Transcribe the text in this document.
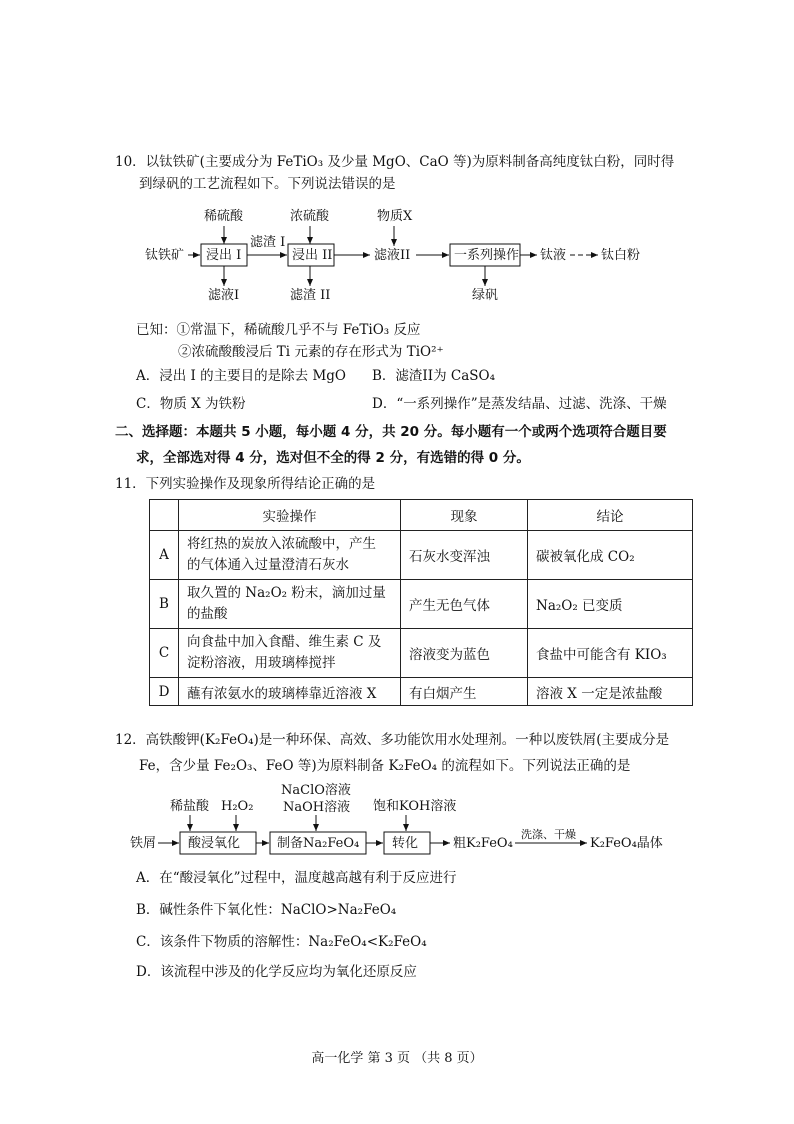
10．以钛铁矿(主要成分为 FeTiO₃ 及少量 MgO、CaO 等)为原料制备高纯度钛白粉，同时得
到绿矾的工艺流程如下。下列说法错误的是
稀硫酸	浓硫酸	物质X
钛铁矿 浸出 I
滤渣 I
浸出 II	滤液II	一系列操作 钛液	钛白粉
滤液I	滤渣 II	绿矾
已知：①常温下，稀硫酸几乎不与 FeTiO₃ 反应
②浓硫酸酸浸后 Ti 元素的存在形式为 TiO²⁺
A．浸出 I 的主要目的是除去 MgO B．滤渣II为 CaSO₄
C．物质 X 为铁粉	D．“一系列操作”是蒸发结晶、过滤、洗涤、干燥
二、选择题：本题共 5 小题，每小题 4 分，共 20 分。每小题有一个或两个选项符合题目要
求，全部选对得 4 分，选对但不全的得 2 分，有选错的得 0 分。
11．下列实验操作及现象所得结论正确的是
	实验操作	现象	结论
A	将红热的炭放入浓硫酸中，产生
的气体通入过量澄清石灰水	石灰水变浑浊	碳被氧化成 CO₂
B	取久置的 Na₂O₂ 粉末，滴加过量
的盐酸	产生无色气体	Na₂O₂ 已变质
C	向食盐中加入食醋、维生素 C 及
淀粉溶液，用玻璃棒搅拌	溶液变为蓝色	食盐中可能含有 KIO₃
D	蘸有浓氨水的玻璃棒靠近溶液 X	有白烟产生	溶液 X 一定是浓盐酸
12．高铁酸钾(K₂FeO₄)是一种环保、高效、多功能饮用水处理剂。一种以废铁屑(主要成分是
Fe，含少量 Fe₂O₃、FeO 等)为原料制备 K₂FeO₄ 的流程如下。下列说法正确的是
稀盐酸 H₂O₂
NaClO溶液
NaOH溶液 饱和KOH溶液
铁屑 酸浸氧化	制备Na₂FeO₄	转化	粗K₂FeO₄
洗涤、干燥
K₂FeO₄晶体
A．在“酸浸氧化”过程中，温度越高越有利于反应进行
B．碱性条件下氧化性：NaClO>Na₂FeO₄
C．该条件下物质的溶解性：Na₂FeO₄<K₂FeO₄
D．该流程中涉及的化学反应均为氧化还原反应
高一化学 第 3 页 （共 8 页）
